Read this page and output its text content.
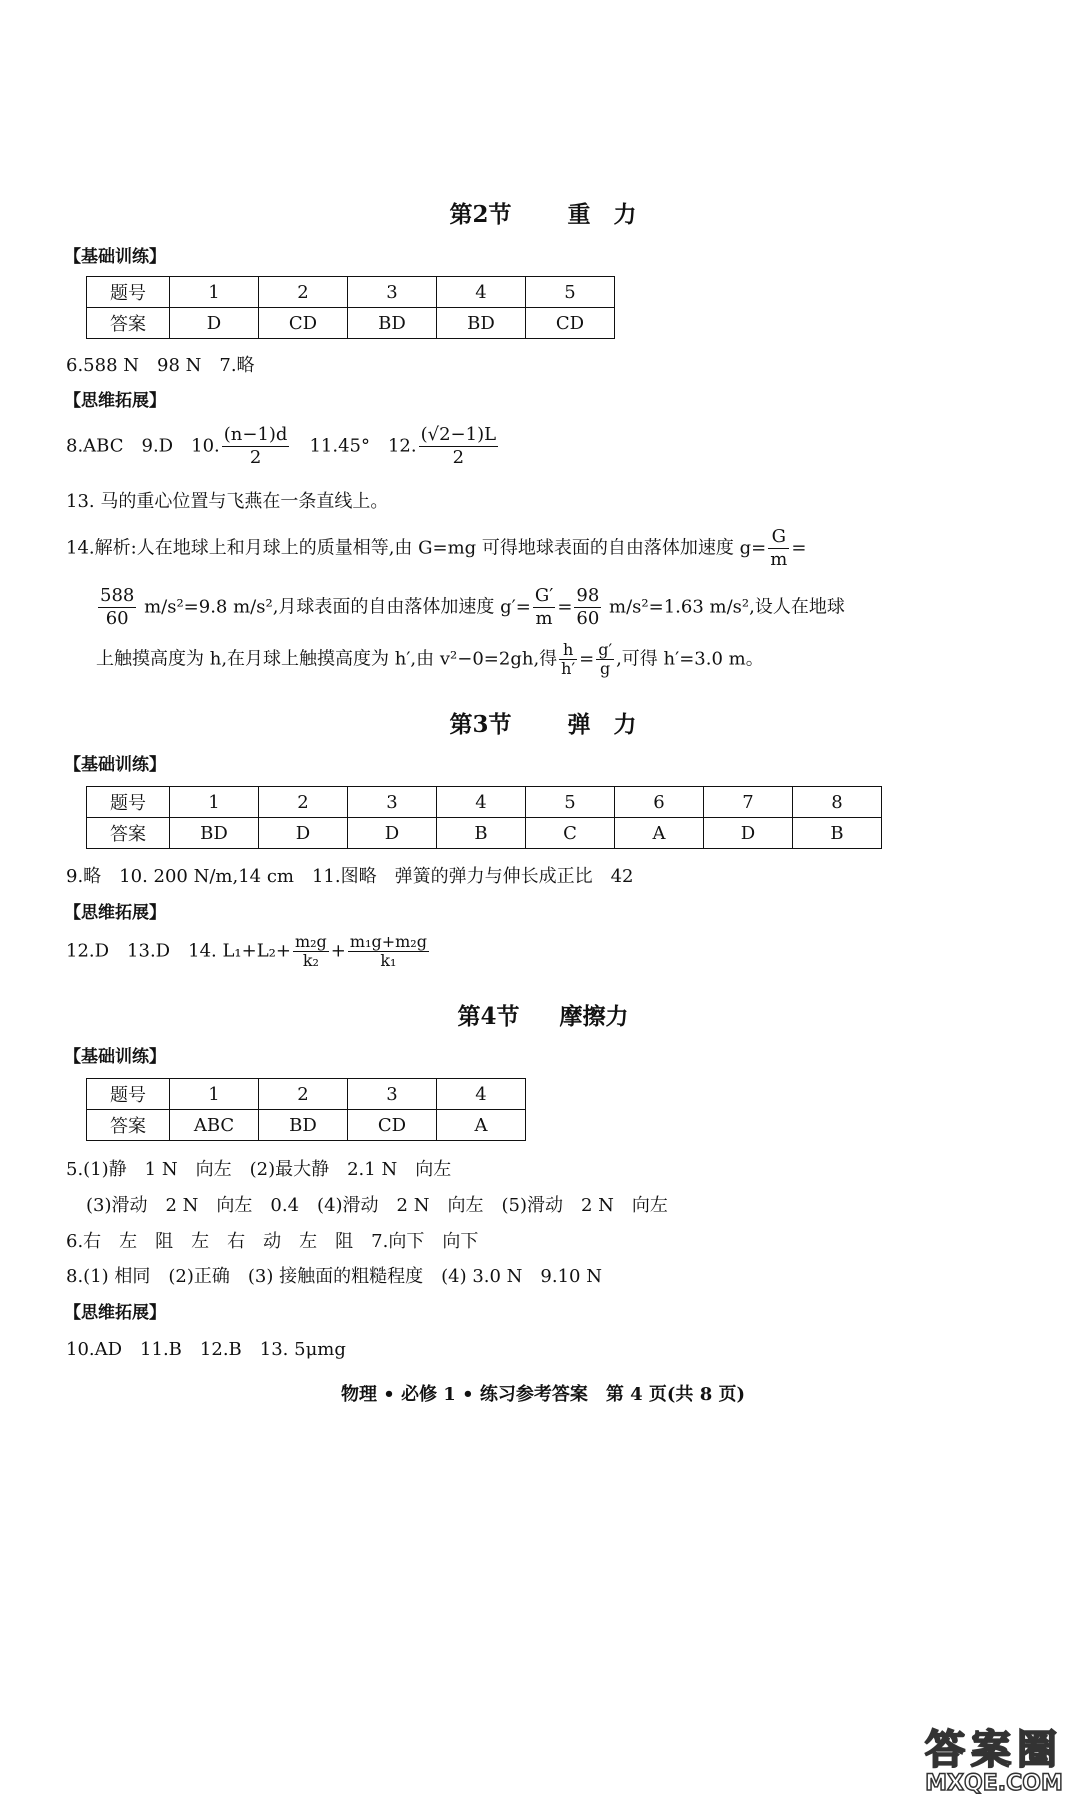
第2节 重　力
【基础训练】
题号	1	2	3	4	5
答案	D	CD	BD	BD	CD
6.588 N　98 N　7.略
【思维拓展】
8.ABC　9.D　10. $\frac{(n-1)d}{2}$ 　11.45°　12. $\frac{(√2-1)L}{2}$
13. 马的重心位置与飞燕在一条直线上。
14.解析:人在地球上和月球上的质量相等,由 G=mg 可得地球表面的自由落体加速度 $g= \frac{G}{m}$ =
$\frac{588}{60} m/s^2=9.8$ m/s²,月球表面的自由落体加速度 $g'= \frac{G'}{m} = \frac{98}{60} m/s^2=1.63$ m/s²,设人在地球
上触摸高度为 h,在月球上触摸高度为 h′,由 v²−0=2gh,得 $\frac{h}{h'} = \frac{g'}{g}$ ,可得 h′=3.0 m。
第3节 弹　力
【基础训练】
题号	1	2	3	4	5	6	7	8
答案	BD	D	D	B	C	A	D	B
9.略　10. 200 N/m,14 cm　11.图略　弹簧的弹力与伸长成正比　42
【思维拓展】
12.D　13.D　14. $L_1+L_2+ \frac{\text{m₂g}}{\text{k₂}} + \frac{\text{m₁g+m₂g}}{\text{k₁}}$
第4节 摩擦力
【基础训练】
题号	1	2	3	4
答案	ABC	BD	CD	A
5.(1)静　1 N　向左　(2)最大静　2.1 N　向左
(3)滑动　2 N　向左　0.4　(4)滑动　2 N　向左　(5)滑动　2 N　向左
6.右　左　阻　左　右　动　左　阻　7.向下　向下
8.(1) 相同　(2)正确　(3) 接触面的粗糙程度　(4) 3.0 N　9.10 N
【思维拓展】
10.AD　11.B　12.B　13. 5μmg
物理 • 必修 1 • 练习参考答案　第 4 页(共 8 页)
答案圈
MXQE.COM
